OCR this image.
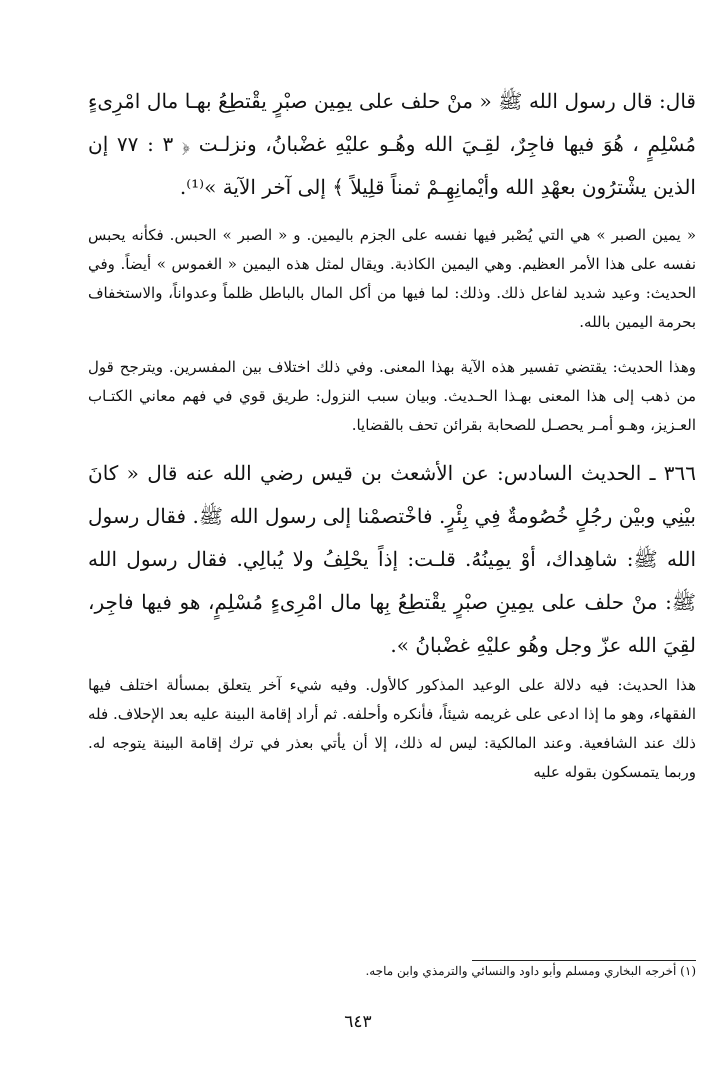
قال: قال رسول الله ﷺ « منْ حلف على يمِين صبْرٍ يقْتطِعُ بهـا مال امْرِىءٍ مُسْلِمٍ ، هُوَ فيها فاجِرٌ، لقِـيَ الله وهُـو عليْهِ غضْبانُ، ونزلـت ﴿ ٣ : ٧٧ إن الذين يشْترُون بعهْدِ الله وأيْمانِهِـمْ ثمناً قلِيلاً ﴾ إلى آخر الآية »⁽¹⁾.

« يمين الصبر » هي التي يُصْبر فيها نفسه على الجزم باليمين. و « الصبر » الحبس. فكأنه يحبس نفسه على هذا الأمر العظيم. وهي اليمين الكاذبة. ويقال لمثل هذه اليمين « الغموس » أيضاً. وفي الحديث: وعيد شديد لفاعل ذلك. وذلك: لما فيها من أكل المال بالباطل ظلماً وعدواناً، والاستخفاف بحرمة اليمين بالله.

وهذا الحديث: يقتضي تفسير هذه الآية بهذا المعنى. وفي ذلك اختلاف بين المفسرين. ويترجح قول من ذهب إلى هذا المعنى بهـذا الحـديث. وبيان سبب النزول: طريق قوي في فهم معاني الكتـاب العـزيز، وهـو أمـر يحصـل للصحابة بقرائن تحف بالقضايا.

٣٦٦ ـ الحديث السادس: عن الأشعث بن قيس رضي الله عنه قال « كانَ بيْنِي وبيْن رجُلٍ خُصُومةٌ فِي بِئْرٍ. فاخْتصمْنا إلى رسول الله ﷺ. فقال رسول الله ﷺ: شاهِداك، أوْ يمِينُهُ. قلـت: إذاً يحْلِفُ ولا يُبالِي. فقال رسول الله ﷺ: منْ حلف على يمِينِ صبْرٍ يقْتطِعُ بِها مال امْرِىءٍ مُسْلِمٍ، هو فيها فاجِر، لقِيَ الله عزّ وجل وهُو عليْهِ غضْبانُ ».

هذا الحديث: فيه دلالة على الوعيد المذكور كالأول. وفيه شيء آخر يتعلق بمسألة اختلف فيها الفقهاء، وهو ما إذا ادعى على غريمه شيئاً، فأنكره وأحلفه. ثم أراد إقامة البينة عليه بعد الإحلاف. فله ذلك عند الشافعية. وعند المالكية: ليس له ذلك، إلا أن يأتي بعذر في ترك إقامة البينة يتوجه له. وربما يتمسكون بقوله عليه

(١) أخرجه البخاري ومسلم وأبو داود والنسائي والترمذي وابن ماجه.
٦٤٣
